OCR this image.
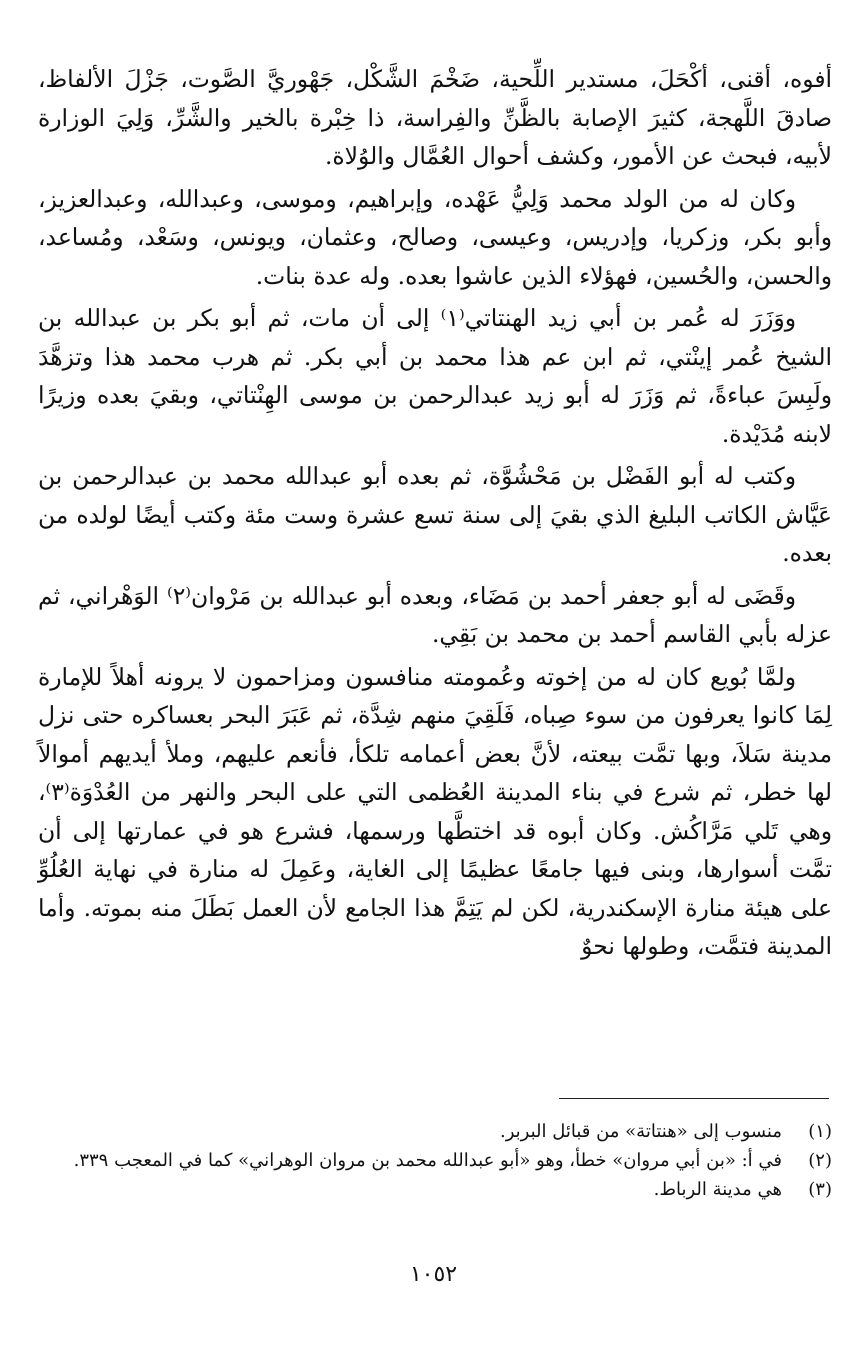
أفوه، أقنى، أكْحَلَ، مستدير اللِّحية، ضَخْمَ الشَّكْل، جَهْوريَّ الصَّوت، جَزْلَ الألفاظ، صادقَ اللَّهجة، كثيرَ الإصابة بالظَّنِّ والفِراسة، ذا خِبْرة بالخير والشَّرِّ، وَلِيَ الوزارة لأبيه، فبحث عن الأمور، وكشف أحوال العُمَّال والوُلاة.

وكان له من الولد محمد وَلِيُّ عَهْده، وإبراهيم، وموسى، وعبدالله، وعبدالعزيز، وأبو بكر، وزكريا، وإدريس، وعيسى، وصالح، وعثمان، ويونس، وسَعْد، ومُساعد، والحسن، والحُسين، فهؤلاء الذين عاشوا بعده. وله عدة بنات.

ووَزَرَ له عُمر بن أبي زيد الهنتاتي⁽١⁾ إلى أن مات، ثم أبو بكر بن عبدالله بن الشيخ عُمر إينْتي، ثم ابن عم هذا محمد بن أبي بكر. ثم هرب محمد هذا وتزهَّدَ ولَبِسَ عباءةً، ثم وَزَرَ له أبو زيد عبدالرحمن بن موسى الهِنْتاتي، وبقيَ بعده وزيرًا لابنه مُدَيْدة.

وكتب له أبو الفَضْل بن مَحْشُوَّة، ثم بعده أبو عبدالله محمد بن عبدالرحمن بن عَيَّاش الكاتب البليغ الذي بقيَ إلى سنة تسع عشرة وست مئة وكتب أيضًا لولده من بعده.

وقَضَى له أبو جعفر أحمد بن مَضَاء، وبعده أبو عبدالله بن مَرْوان⁽٢⁾ الوَهْراني، ثم عزله بأبي القاسم أحمد بن محمد بن بَقِي.

ولمَّا بُويع كان له من إخوته وعُمومته منافسون ومزاحمون لا يرونه أهلاً للإمارة لِمَا كانوا يعرفون من سوء صِباه، فَلَقِيَ منهم شِدَّة، ثم عَبَرَ البحر بعساكره حتى نزل مدينة سَلاَ، وبها تمَّت بيعته، لأنَّ بعض أعمامه تلكأ، فأنعم عليهم، وملأ أيديهم أموالاً لها خطر، ثم شرع في بناء المدينة العُظمى التي على البحر والنهر من العُدْوَة⁽٣⁾، وهي تَلي مَرَّاكُش. وكان أبوه قد اختطَّها ورسمها، فشرع هو في عمارتها إلى أن تمَّت أسوارها، وبنى فيها جامعًا عظيمًا إلى الغاية، وعَمِلَ له منارة في نهاية العُلُوِّ على هيئة منارة الإسكندرية، لكن لم يَتِمَّ هذا الجامع لأن العمل بَطَلَ منه بموته. وأما المدينة فتمَّت، وطولها نحوٌ

(١)
منسوب إلى «هنتاتة» من قبائل البربر.
(٢)
في أ: «بن أبي مروان» خطأ، وهو «أبو عبدالله محمد بن مروان الوهراني» كما في المعجب ٣٣٩.
(٣)
هي مدينة الرباط.
١٠٥٢
